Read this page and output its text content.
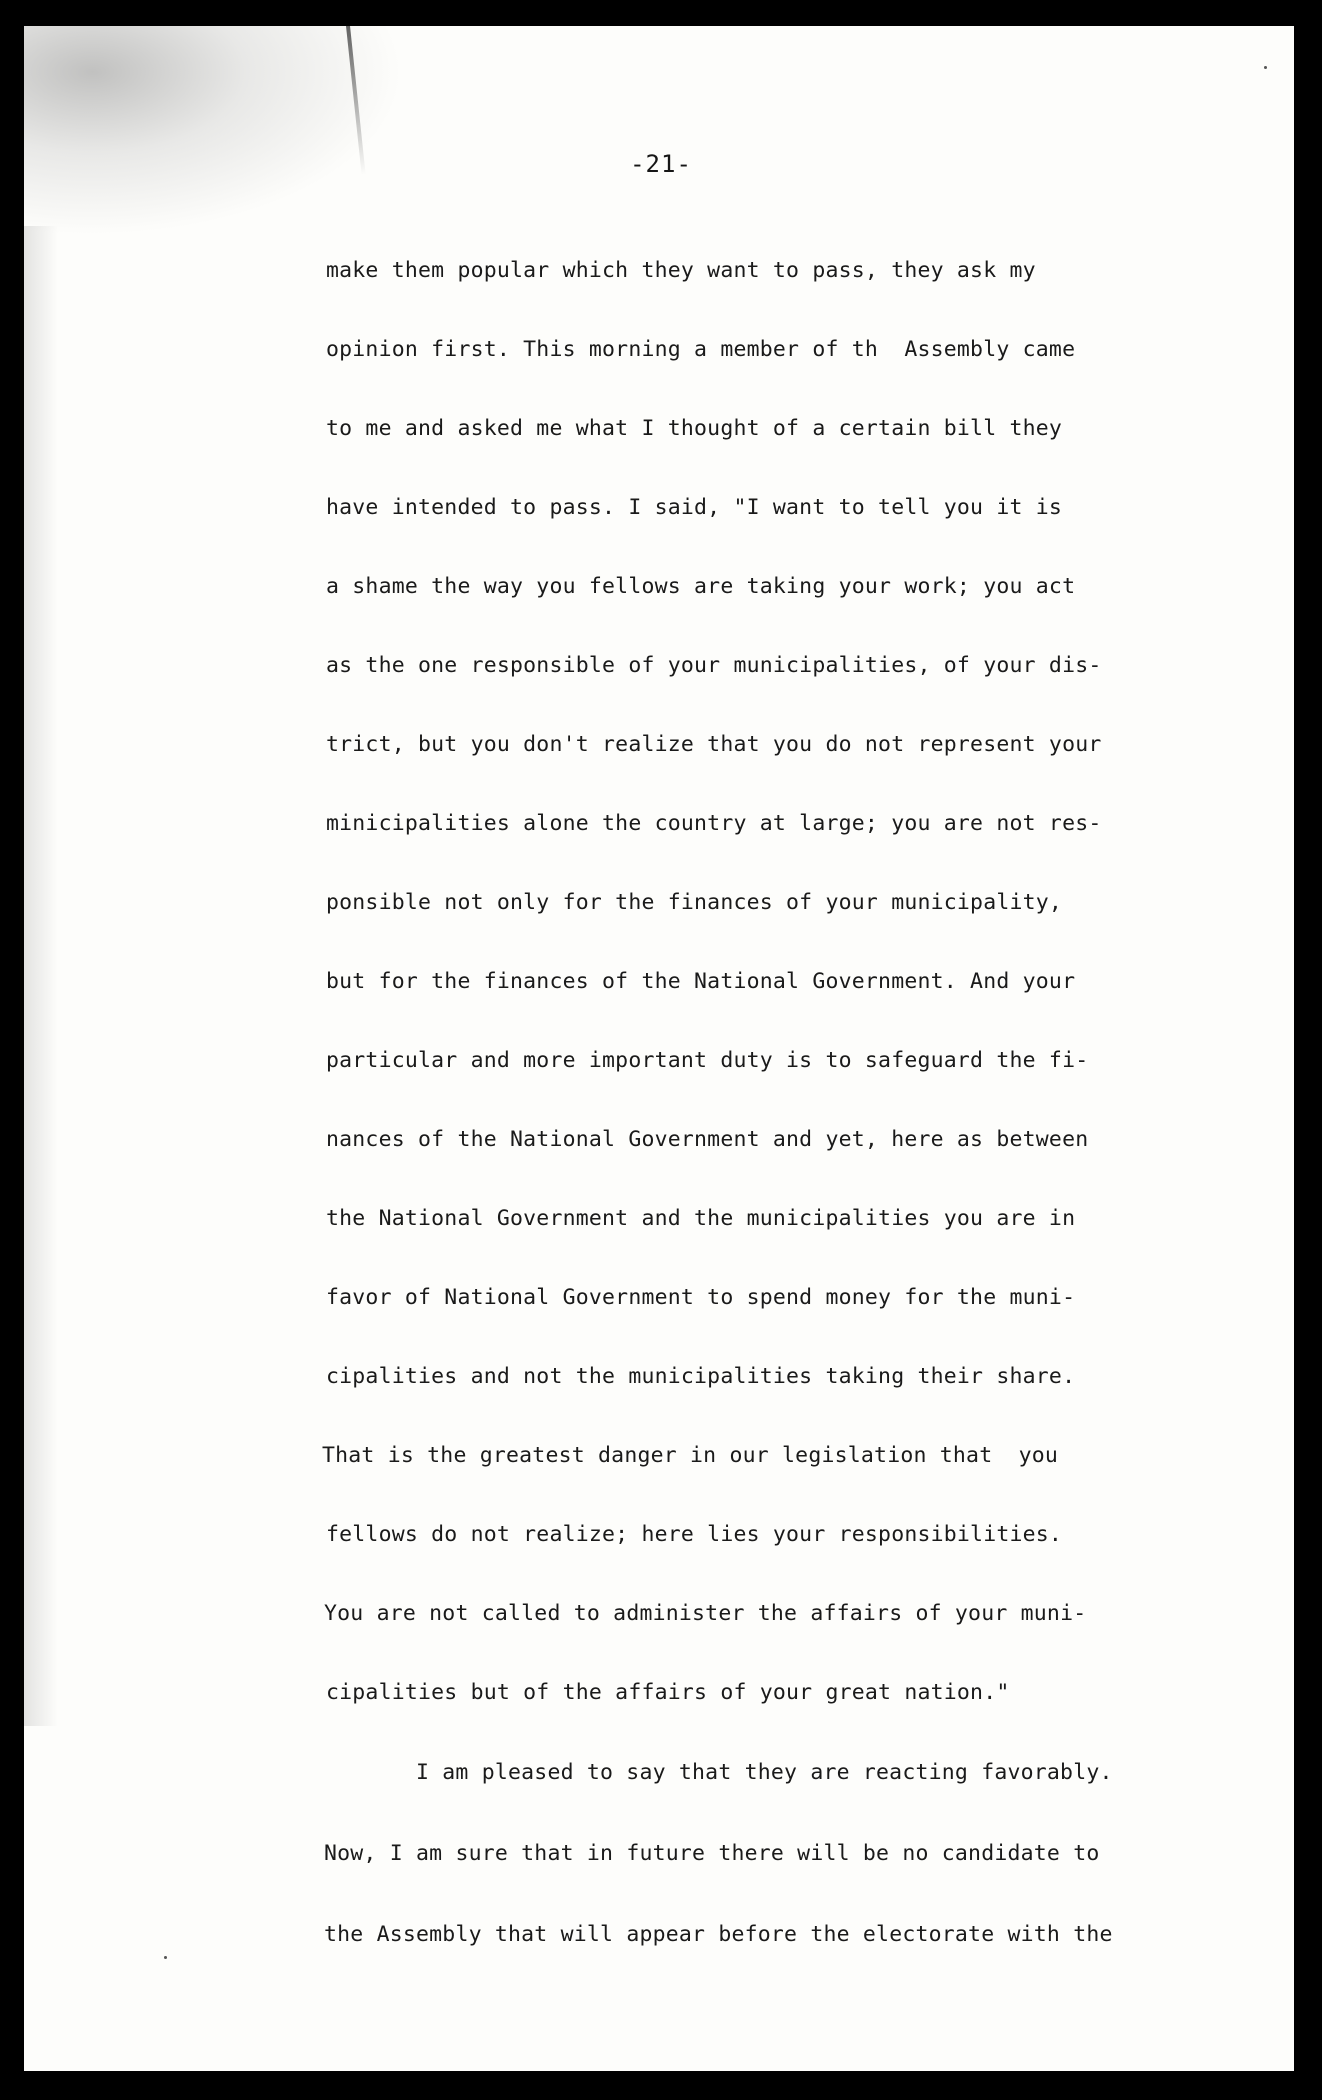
-21-

make them popular which they want to pass, they ask my

opinion first. This morning a member of th  Assembly came

to me and asked me what I thought of a certain bill they

have intended to pass. I said, "I want to tell you it is

a shame the way you fellows are taking your work; you act

as the one responsible of your municipalities, of your dis-

trict, but you don't realize that you do not represent your

minicipalities alone the country at large; you are not res-

ponsible not only for the finances of your municipality,

but for the finances of the National Government. And your

particular and more important duty is to safeguard the fi-

nances of the National Government and yet, here as between

the National Government and the municipalities you are in

favor of National Government to spend money for the muni-

cipalities and not the municipalities taking their share.

That is the greatest danger in our legislation that  you

fellows do not realize; here lies your responsibilities.

You are not called to administer the affairs of your muni-

cipalities but of the affairs of your great nation."

I am pleased to say that they are reacting favorably.

Now, I am sure that in future there will be no candidate to

the Assembly that will appear before the electorate with the
